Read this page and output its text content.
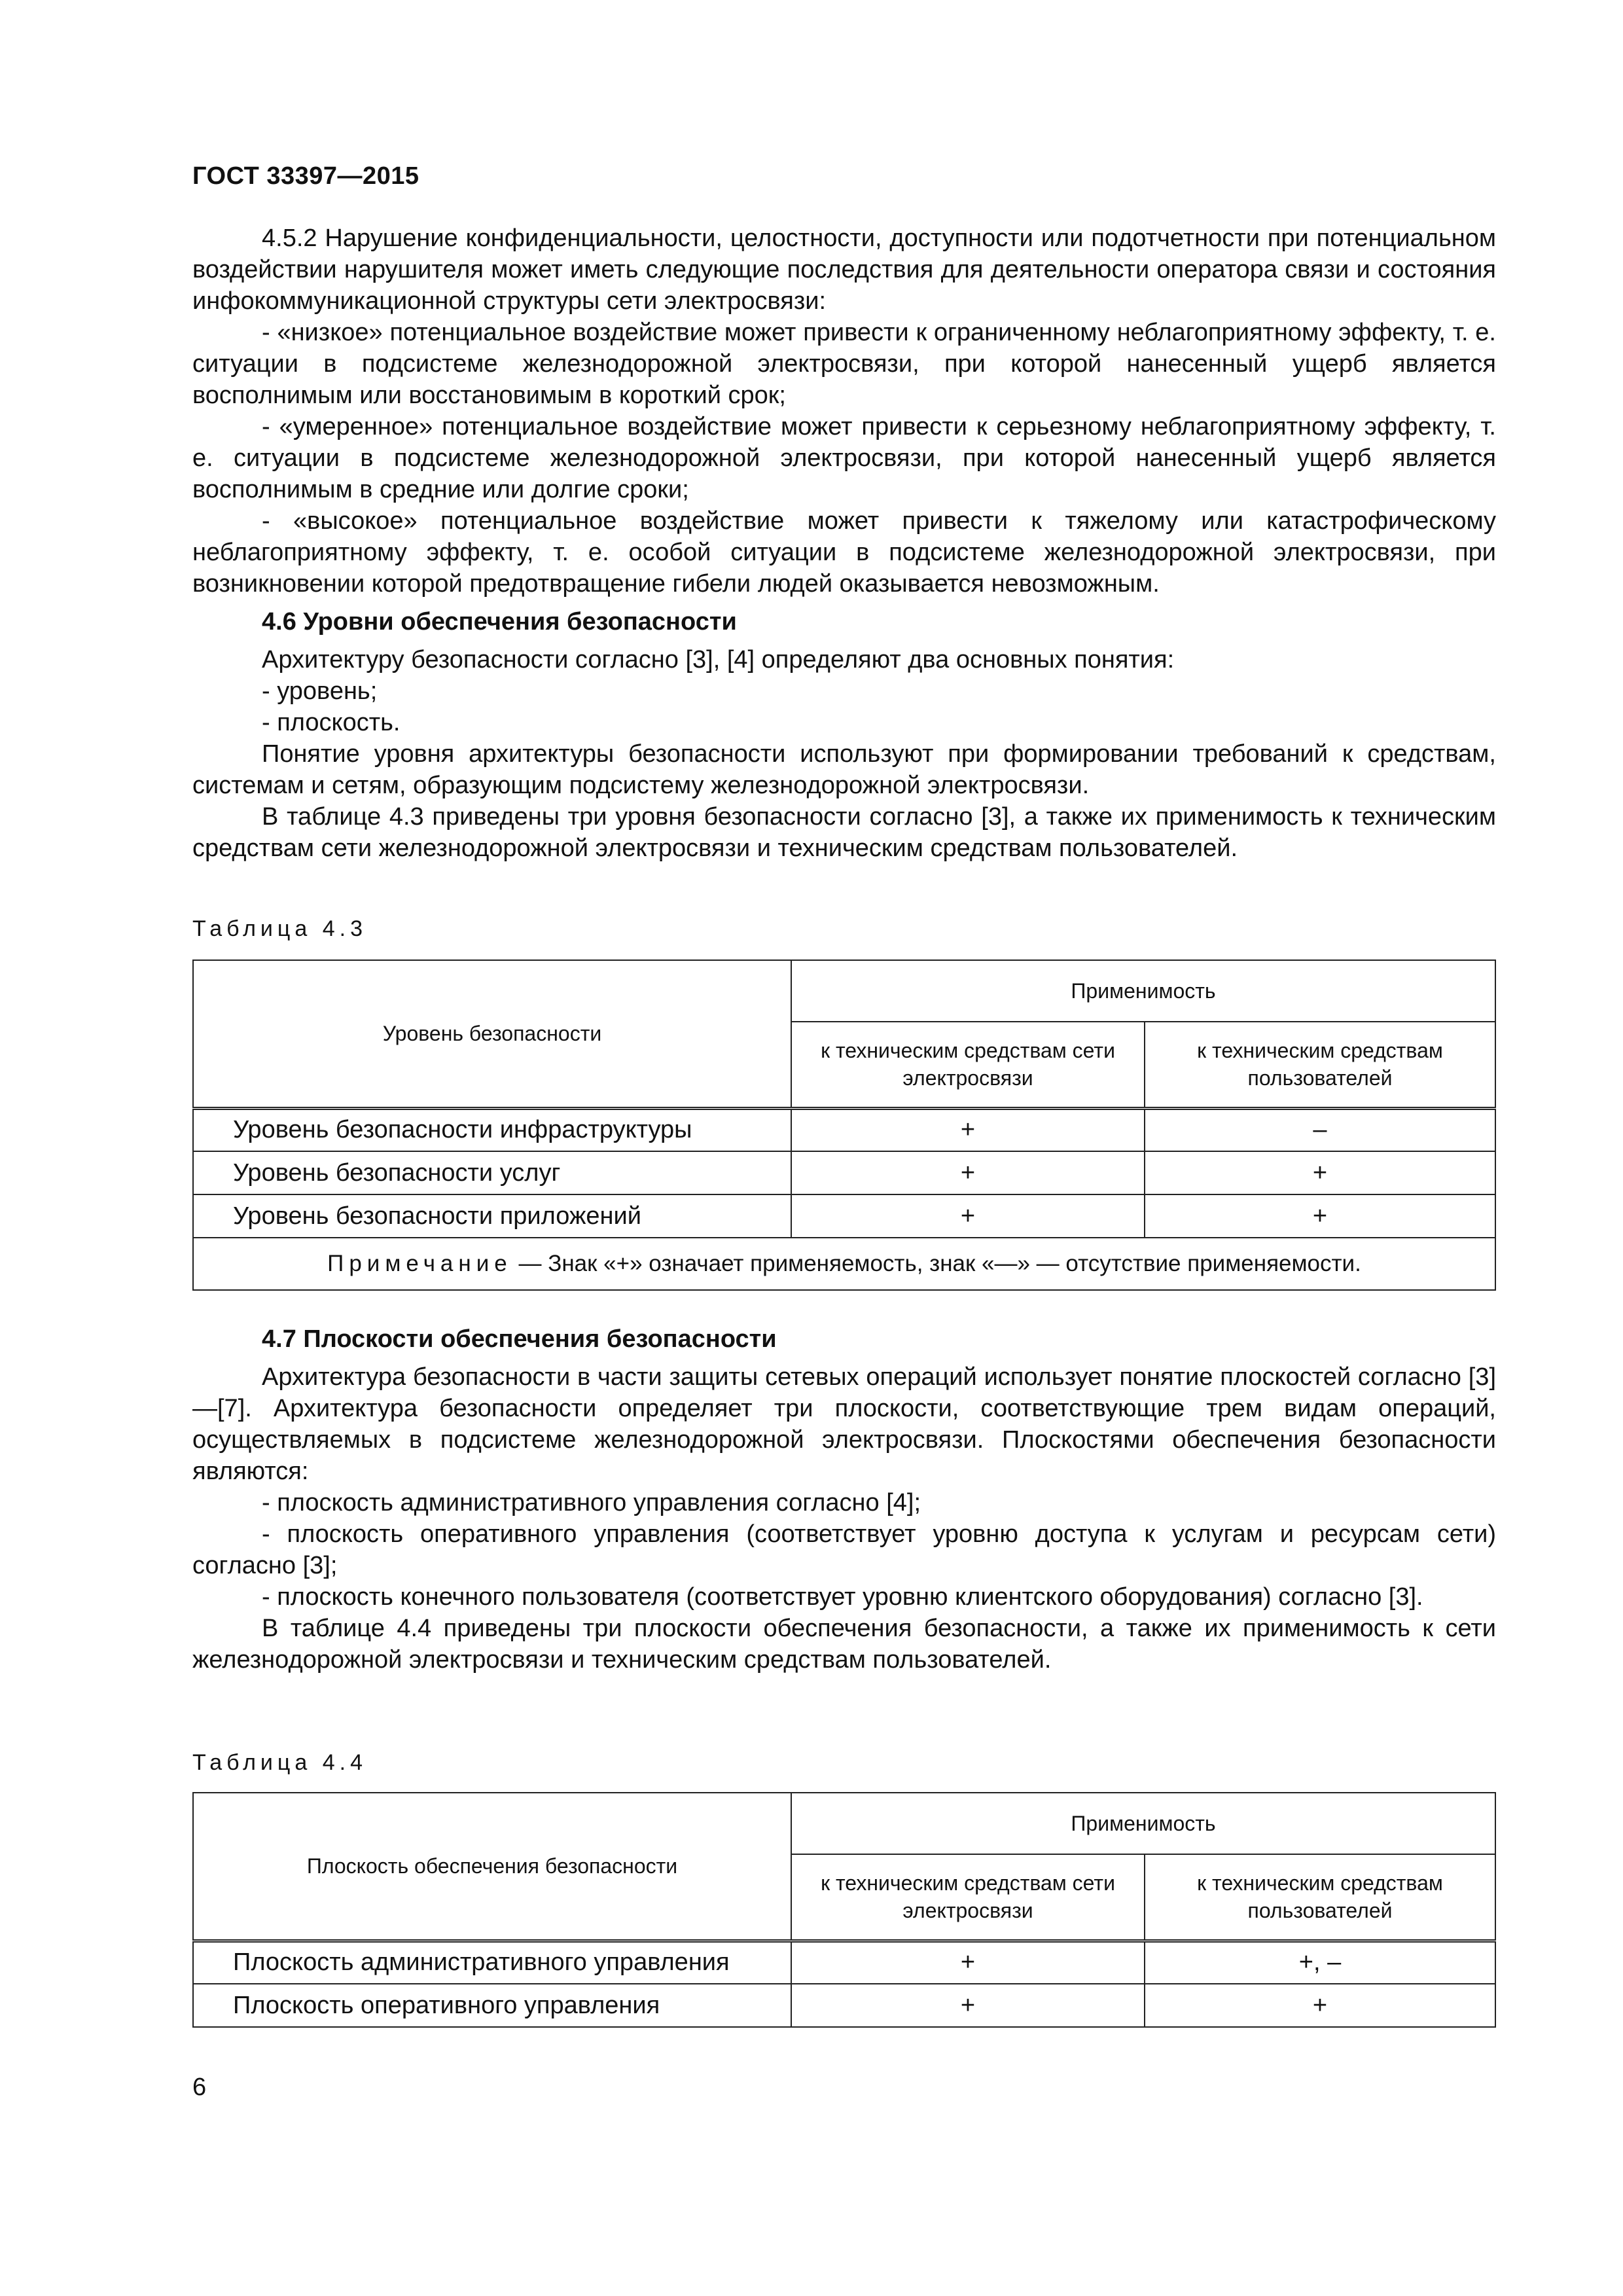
ГОСТ 33397—2015

4.5.2 Нарушение конфиденциальности, целостности, доступности или подотчетности при потенциальном воздействии нарушителя может иметь следующие последствия для деятельности оператора связи и состояния инфокоммуникационной структуры сети электросвязи:

- «низкое» потенциальное воздействие может привести к ограниченному неблагоприятному эффекту, т. е. ситуации в подсистеме железнодорожной электросвязи, при которой нанесенный ущерб является восполнимым или восстановимым в короткий срок;

- «умеренное» потенциальное воздействие может привести к серьезному неблагоприятному эффекту, т. е. ситуации в подсистеме железнодорожной электросвязи, при которой нанесенный ущерб является восполнимым в средние или долгие сроки;

- «высокое» потенциальное воздействие может привести к тяжелому или катастрофическому неблагоприятному эффекту, т. е. особой ситуации в подсистеме железнодорожной электросвязи, при возникновении которой предотвращение гибели людей оказывается невозможным.

4.6 Уровни обеспечения безопасности

Архитектуру безопасности согласно [3], [4] определяют два основных понятия:

- уровень;

- плоскость.

Понятие уровня архитектуры безопасности используют при формировании требований к средствам, системам и сетям, образующим подсистему железнодорожной электросвязи.

В таблице 4.3 приведены три уровня безопасности согласно [3], а также их применимость к техническим средствам сети железнодорожной электросвязи и техническим средствам пользователей.

Таблица 4.3
Уровень безопасности	Применимость	
	к техническим средствам сети электросвязи	к техническим средствам пользователей
Уровень безопасности инфраструктуры	+	–
Уровень безопасности услуг	+	+
Уровень безопасности приложений	+	+
Примечание — Знак «+» означает применяемость, знак «—» — отсутствие применяемости.		

4.7 Плоскости обеспечения безопасности

Архитектура безопасности в части защиты сетевых операций использует понятие плоскостей согласно [3]—[7]. Архитектура безопасности определяет три плоскости, соответствующие трем видам операций, осуществляемых в подсистеме железнодорожной электросвязи. Плоскостями обеспечения безопасности являются:

- плоскость административного управления согласно [4];

- плоскость оперативного управления (соответствует уровню доступа к услугам и ресурсам сети) согласно [3];

- плоскость конечного пользователя (соответствует уровню клиентского оборудования) согласно [3].

В таблице 4.4 приведены три плоскости обеспечения безопасности, а также их применимость к сети железнодорожной электросвязи и техническим средствам пользователей.

Таблица 4.4
Плоскость обеспечения безопасности	Применимость	
	к техническим средствам сети электросвязи	к техническим средствам пользователей
Плоскость административного управления	+	+, –
Плоскость оперативного управления	+	+
6
